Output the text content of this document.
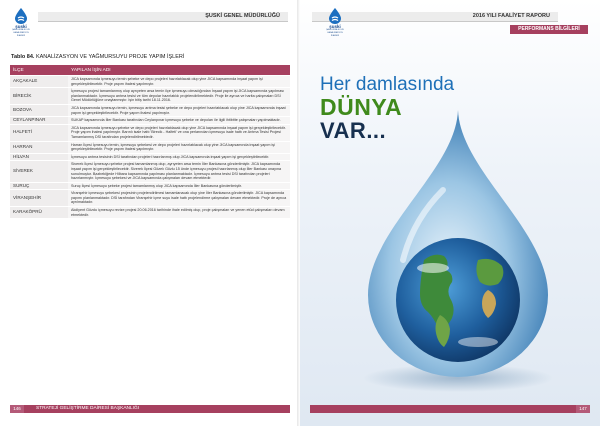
şuski
ŞANLIURFA SU VE KANALİZASYON İDARESİ
ŞUSKİ GENEL MÜDÜRLÜĞÜ
Tablo 84. KANALİZASYON VE YAĞMURSUYU PROJE YAPIM İŞLERİ
İLÇE	YAPILAN İŞİN ADI
AKÇAKALE	JICA kapsamında içmesuyu temin şebeke ve depo projeleri hazırlatılacak olup yine JICA kapsamında inşaat yapım işi gerçekleştirilecektir. Proje yapım ihalesi yapılmıştır.
BİRECİK	İçmesuyu projesi tamamlanmış olup ayrıyeten arsa temin ilçe içmesuyu olmadığından İnşaat yapım işi JICA kapsamında yapılması planlanmaktadır. İçmesuyu arıtma tesisi ve tüm depolar hazırlatıldı projelendirilmektedir. Proje ile ayrıca ve harita çalışmaları DSİ Genel Müdürlüğüne onaylanmıştır. İşin bitiş tarihi 18.11.2016.
BOZOVA	JICA kapsamında içmesuyu temin, içmesuyu arıtma tesisi şebeke ve depo projeleri hazırlatılacak olup yine JICA kapsamında inşaat yapım işi gerçekleştirilecektir. Proje yapım ihalesi yapılmıştır.
CEYLANPINAR	SUKAP kapsamında İller Bankası tarafından Ceylanpınar içmesuyu şebeke ve depoları ile ilgili ihtibitte çalışmaları yapılmaktadır.
HALFETİ	JICA kapsamında içmesuyu şebeke ve depo projeleri hazırlatılacak olup yine JICA kapsamında inşaat yapım işi gerçekleştirilecektir. Proje yapım ihalesi yapılmıştır. Barınlı isale hattı 'Birecik - Halfeti' ve ona perlarından içmesuyu isale hattı ve Arıtma Tesisi Projesi Tamamlanmış DSİ tarafından projelendirilmektedir.
HARRAN	Harran İlçesi İçmesuyu temin, içmesuyu şebekesi ve depo projeleri hazırlatılacak olup yine JICA kapsamında inşaat yapım işi gerçekleştirilecektir. Proje yapım ihalesi yapılmıştır.
HİLVAN	İçmesuyu arıtma tesisinin DSİ tarafından projeleri hazırlanmış olup JICA kapsamında inşaat yapım işi gerçekleştirilecektir.
SİVEREK	Siverek İlçesi İçmesuyu şebeke projesi tamamlanmış olup, ayrıyeten arsa temin İller Bankasına gönderilmiştir. JICA kapsamında inşaat yapım işi gerçekleştirilecektir. Siverek İlçesi Gözelı Gözlu 15 ünde içmesuyu projesi hazırlanmış olup İller Bankası onayına sunulmuştur. Bazbekiğede Hilbara kapsamında yapılması planlanmaktadır. İçmesuyu arıtma tesisi DSİ tarafından projeleri hazırlanmıştır. İçmesuyu şebekesi ve JICA kapsamında çalışmaları devam etmektedir.
SURUÇ	Suruç İlçesi İçmesuyu şebeke projesi tamamlanmış olup JICA kapsamında İller Bankasına gönderilmiştir.
VİRANŞEHİR	Viranşehir içmesuyu şebekesi projesinin projelendirilmesi tamamlanacak olup yine İller Bankasına gönderilmiştir. JICA kapsamında yapımı planlanmaktadır. DSİ tarafından Viranşehir içme suyu isale hattı projelendirme çalışmaları devam etmektedir. Proje de ayrıca ayrılmaktadır.
KARAKÖPRÜ	Akdiyent Gözdu içmesuyu revize projesi 20.06.2016 tarihinde ihale edilmiş olup, proje çalışmaları ve yenen etüd çalışmaları devam etmektedir.
146	STRATEJİ GELİŞTİRME DAİRESİ BAŞKANLIĞI
2016 YILI FAALİYET RAPORU
şuski
ŞANLIURFA SU VE KANALİZASYON İDARESİ
PERFORMANS BİLGİLERİ
Her damlasında
DÜNYA
VAR...
147
